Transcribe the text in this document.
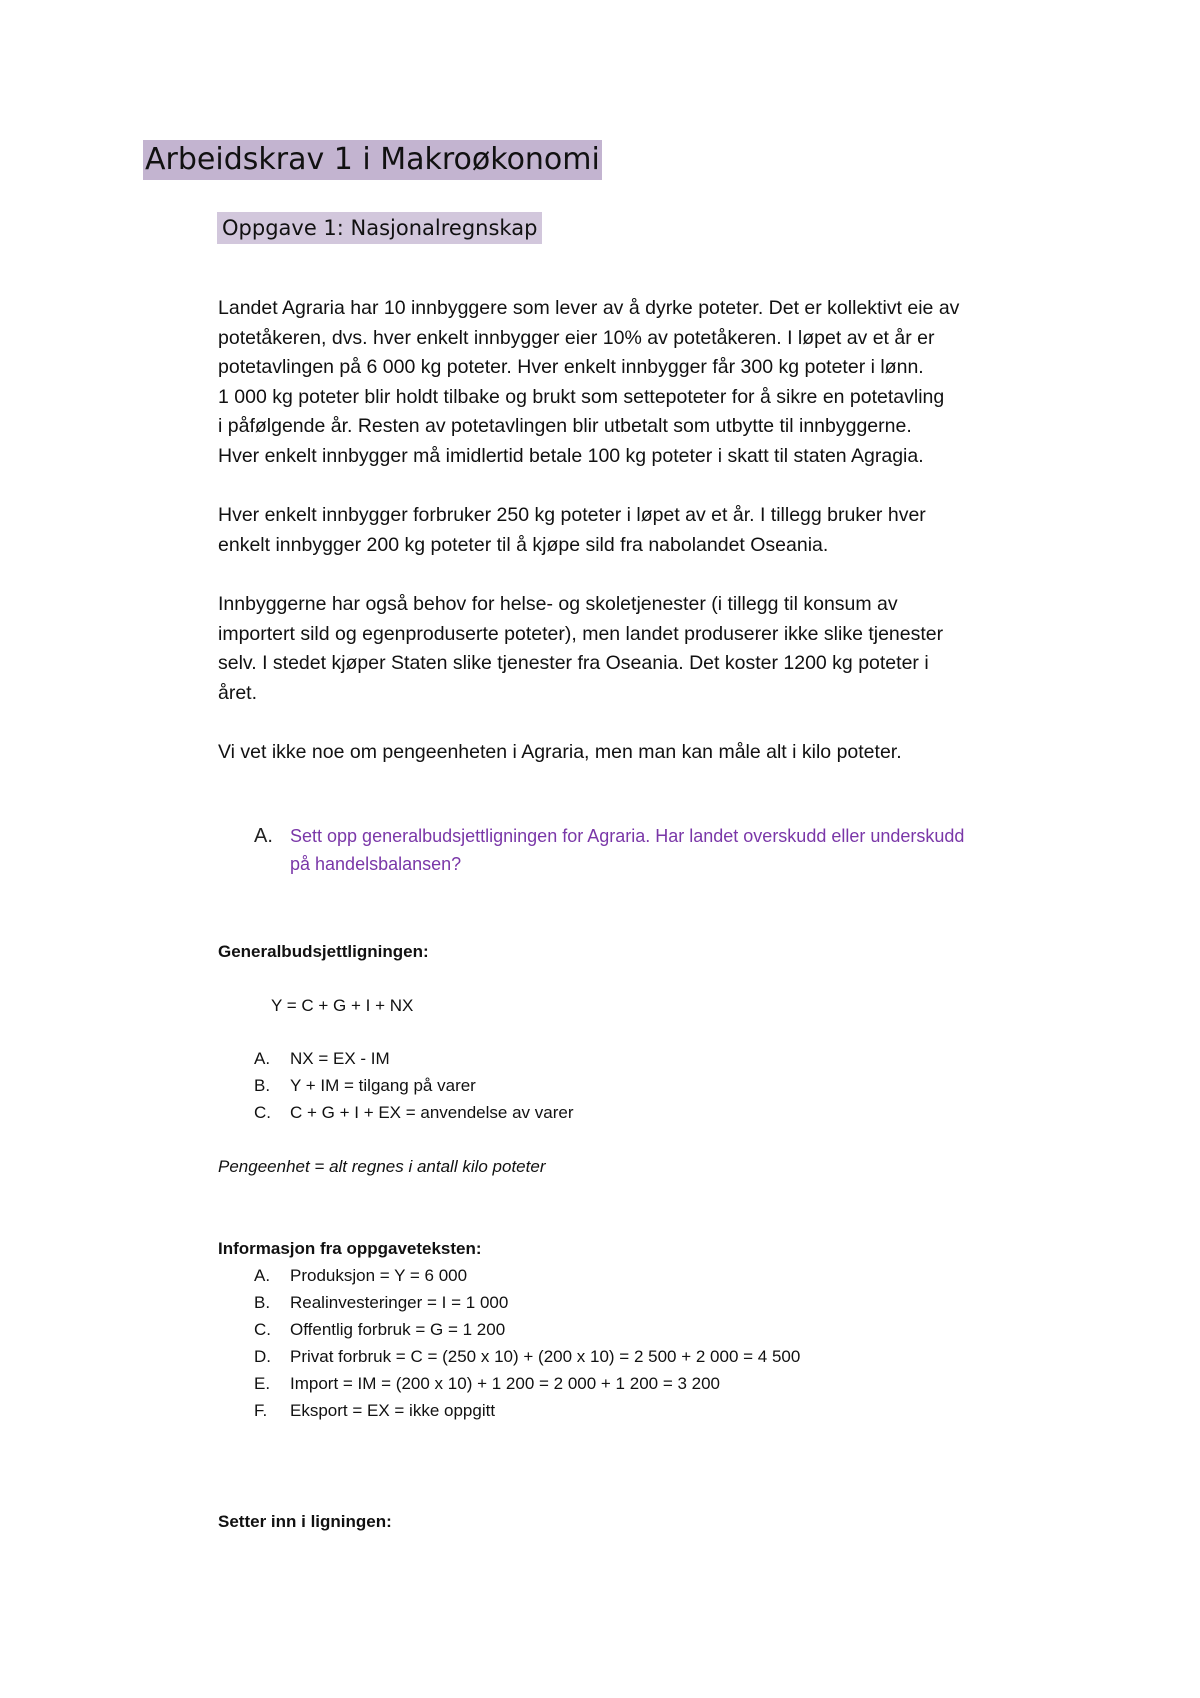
Arbeidskrav 1 i Makroøkonomi
Oppgave 1: Nasjonalregnskap

Landet Agraria har 10 innbyggere som lever av å dyrke poteter. Det er kollektivt eie av
potetåkeren, dvs. hver enkelt innbygger eier 10% av potetåkeren. I løpet av et år er
potetavlingen på 6 000 kg poteter. Hver enkelt innbygger får 300 kg poteter i lønn.
1 000 kg poteter blir holdt tilbake og brukt som settepoteter for å sikre en potetavling
i påfølgende år. Resten av potetavlingen blir utbetalt som utbytte til innbyggerne.
Hver enkelt innbygger må imidlertid betale 100 kg poteter i skatt til staten Agragia.

Hver enkelt innbygger forbruker 250 kg poteter i løpet av et år. I tillegg bruker hver
enkelt innbygger 200 kg poteter til å kjøpe sild fra nabolandet Oseania.

Innbyggerne har også behov for helse- og skoletjenester (i tillegg til konsum av
importert sild og egenproduserte poteter), men landet produserer ikke slike tjenester
selv. I stedet kjøper Staten slike tjenester fra Oseania. Det koster 1200 kg poteter i
året.

Vi vet ikke noe om pengeenheten i Agraria, men man kan måle alt i kilo poteter.

A. Sett opp generalbudsjettligningen for Agraria. Har landet overskudd eller underskudd
på handelsbalansen?
Generalbudsjettligningen:
Y = C + G + I + NX
A.	NX = EX - IM
B.	Y + IM = tilgang på varer
C.	C + G + I + EX = anvendelse av varer
Pengeenhet = alt regnes i antall kilo poteter
Informasjon fra oppgaveteksten:
A.	Produksjon = Y = 6 000
B.	Realinvesteringer = I = 1 000
C.	Offentlig forbruk = G = 1 200
D.	Privat forbruk = C = (250 x 10) + (200 x 10) = 2 500 + 2 000 = 4 500
E.	Import = IM = (200 x 10) + 1 200 = 2 000 + 1 200 = 3 200
F.	Eksport = EX = ikke oppgitt
Setter inn i ligningen:
